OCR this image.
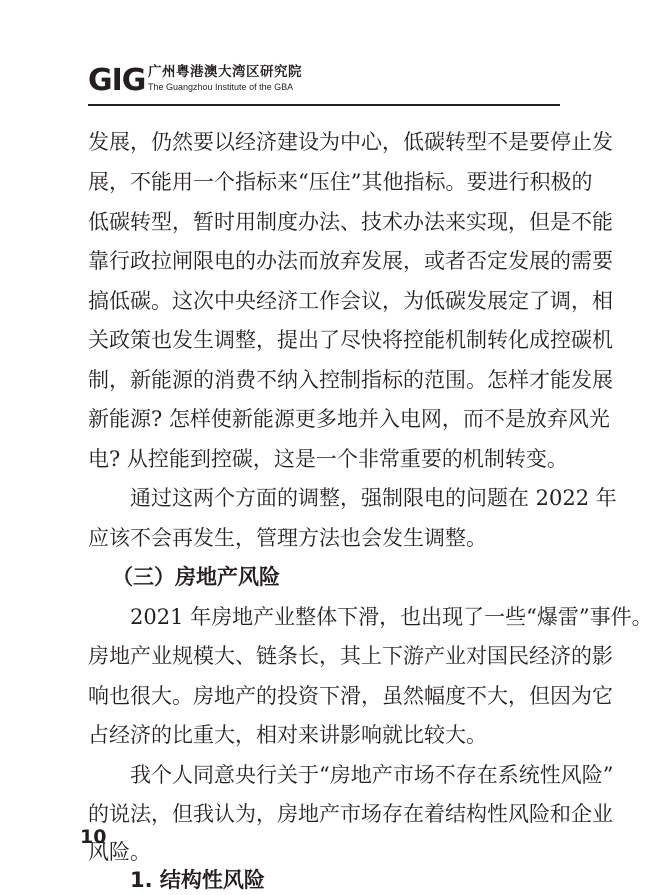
GIG 广州粤港澳大湾区研究院
The Guangzhou Institute of the GBA
发展，仍然要以经济建设为中心，低碳转型不是要停止发
展，不能用一个指标来“压住”其他指标。要进行积极的
低碳转型，暂时用制度办法、技术办法来实现，但是不能
靠行政拉闸限电的办法而放弃发展，或者否定发展的需要
搞低碳。这次中央经济工作会议，为低碳发展定了调，相
关政策也发生调整，提出了尽快将控能机制转化成控碳机
制，新能源的消费不纳入控制指标的范围。怎样才能发展
新能源? 怎样使新能源更多地并入电网，而不是放弃风光
电? 从控能到控碳，这是一个非常重要的机制转变。
通过这两个方面的调整，强制限电的问题在 2022 年
应该不会再发生，管理方法也会发生调整。
（三）房地产风险
2021 年房地产业整体下滑，也出现了一些“爆雷”事件。
房地产业规模大、链条长，其上下游产业对国民经济的影
响也很大。房地产的投资下滑，虽然幅度不大，但因为它
占经济的比重大，相对来讲影响就比较大。
我个人同意央行关于“房地产市场不存在系统性风险”
的说法，但我认为，房地产市场存在着结构性风险和企业
风险。
1. 结构性风险
10
